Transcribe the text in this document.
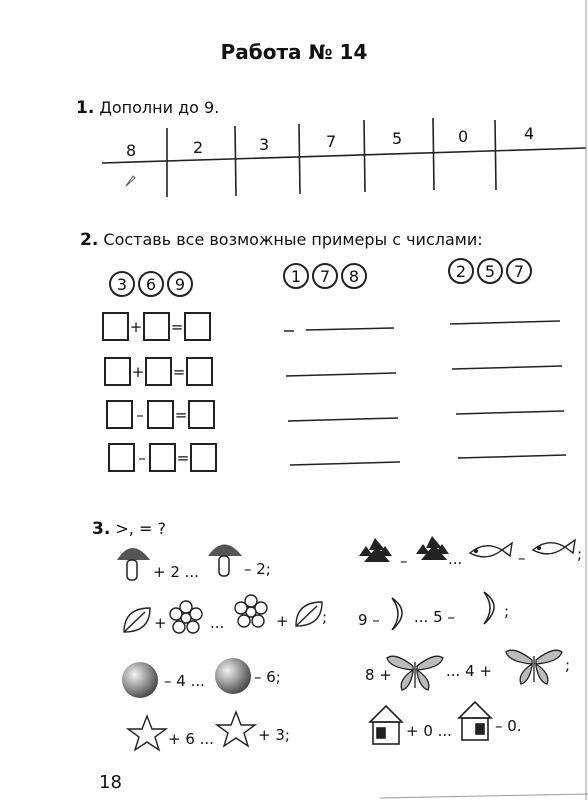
Работа № 14
1. Дополни до 9.
8	2	3	7	5	0	4
2. Составь все возможные примеры с числами:
3	6	9	1	7	8	2	5	7
+ =
+ =
– =
– =
3. >, = ?
+ 2 ...	– 2;
+	...	+ ;
– 4 ...	– 6;
+ 6 ...	+ 3;
–	...	–	;
9 – ... 5 –	;
8 +	... 4 +	;
+ 0 ...	– 0.
18
